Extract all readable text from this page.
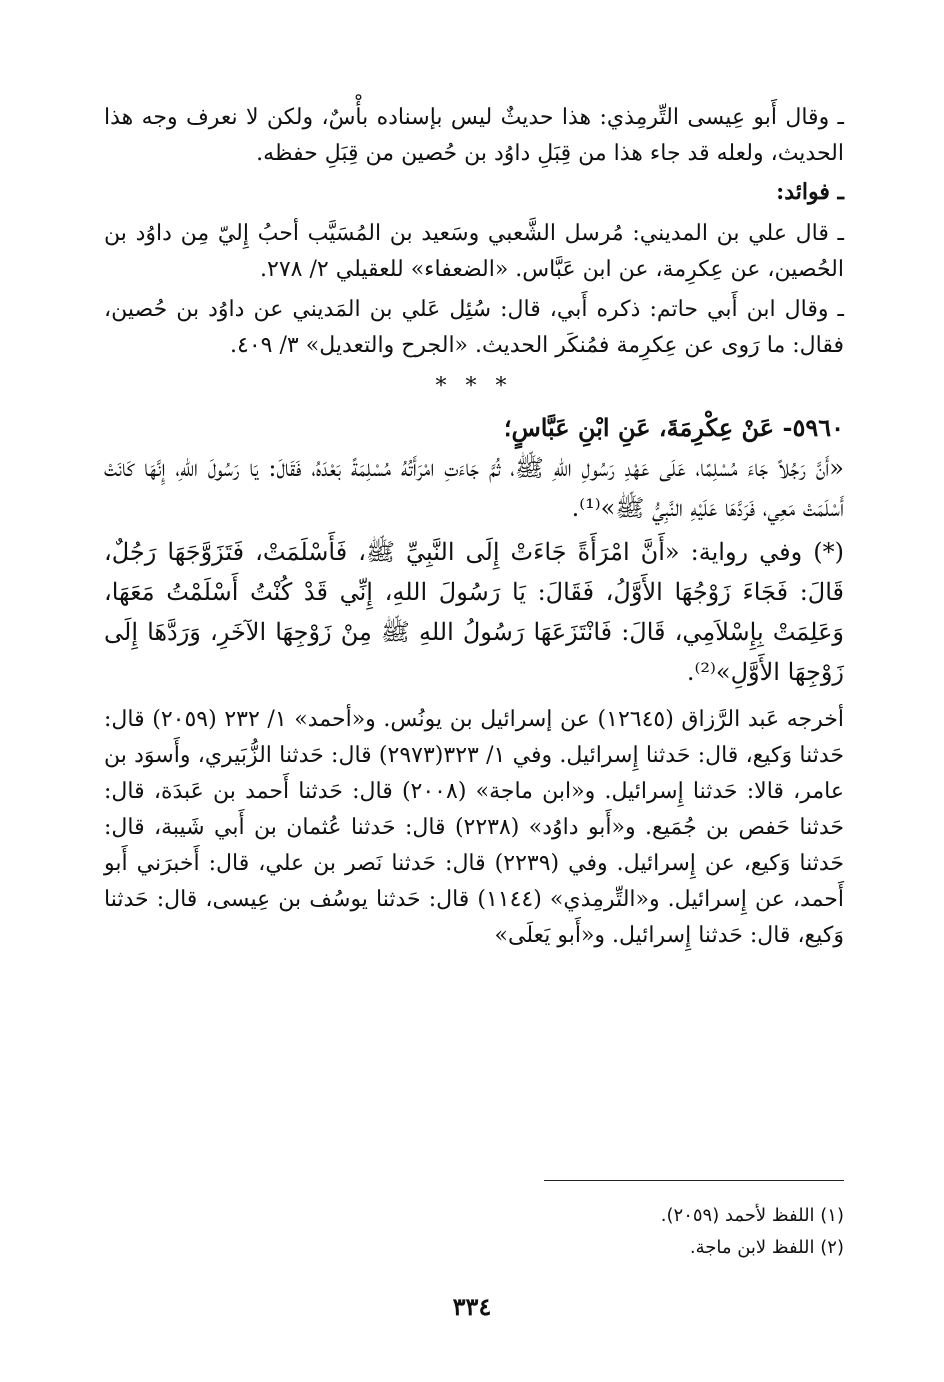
ـ وقال أَبو عِيسى التِّرمِذي: هذا حديثٌ ليس بإسناده بأْسٌ، ولكن لا نعرف وجه هذا الحديث، ولعله قد جاء هذا من قِبَلِ داوُد بن حُصين من قِبَلِ حفظه.

ـ فوائد:

ـ قال علي بن المديني: مُرسل الشَّعبي وسَعيد بن المُسَيَّب أحبُ إِليّ مِن داوُد بن الحُصين، عن عِكرِمة، عن ابن عَبَّاس. «الضعفاء» للعقيلي ٢/ ٢٧٨.

ـ وقال ابن أَبي حاتم: ذكره أَبي، قال: سُئِل عَلي بن المَديني عن داوُد بن حُصين، فقال: ما رَوى عن عِكرِمة فمُنكَر الحديث. «الجرح والتعديل» ٣/ ٤٠٩.

* * *

٥٩٦٠- عَنْ عِكْرِمَةَ، عَنِ ابْنِ عَبَّاسٍ؛

«أَنَّ رَجُلاً جَاءَ مُسْلِمًا، عَلَى عَهْدِ رَسُولِ اللهِ ﷺ، ثُمَّ جَاءَتِ امْرَأَتُهُ مُسْلِمَةً بَعْدَهُ، فَقَالَ: يَا رَسُولَ اللهِ، إِنَّهَا كَانَتْ أَسْلَمَتْ مَعِي، فَرَدَّهَا عَلَيْهِ النَّبِيُّ ﷺ»⁽¹⁾.

(*) وفي رواية: «أَنَّ امْرَأَةً جَاءَتْ إِلَى النَّبِيِّ ﷺ، فَأَسْلَمَتْ، فَتَزَوَّجَهَا رَجُلٌ، قَالَ: فَجَاءَ زَوْجُهَا الأَوَّلُ، فَقَالَ: يَا رَسُولَ اللهِ، إِنِّي قَدْ كُنْتُ أَسْلَمْتُ مَعَهَا، وَعَلِمَتْ بِإِسْلاَمِي، قَالَ: فَانْتَزَعَهَا رَسُولُ اللهِ ﷺ مِنْ زَوْجِهَا الآخَرِ، وَرَدَّهَا إِلَى زَوْجِهَا الأَوَّلِ»⁽²⁾.

أخرجه عَبد الرَّزاق (١٢٦٤٥) عن إسرائيل بن يونُس. و«أحمد» ١/ ٢٣٢ (٢٠٥٩) قال: حَدثنا وَكيع، قال: حَدثنا إِسرائيل. وفي ١/ ٣٢٣(٢٩٧٣) قال: حَدثنا الزُّبَيري، وأَسوَد بن عامر، قالا: حَدثنا إِسرائيل. و«ابن ماجة» (٢٠٠٨) قال: حَدثنا أَحمد بن عَبدَة، قال: حَدثنا حَفص بن جُمَيع. و«أَبو داوُد» (٢٢٣٨) قال: حَدثنا عُثمان بن أَبي شَيبة، قال: حَدثنا وَكيع، عن إِسرائيل. وفي (٢٢٣٩) قال: حَدثنا نَصر بن علي، قال: أَخبرَني أَبو أَحمد، عن إِسرائيل. و«التِّرمِذي» (١١٤٤) قال: حَدثنا يوسُف بن عِيسى، قال: حَدثنا وَكيع، قال: حَدثنا إِسرائيل. و«أَبو يَعلَى»

(١) اللفظ لأحمد (٢٠٥٩).

(٢) اللفظ لابن ماجة.

٣٣٤
